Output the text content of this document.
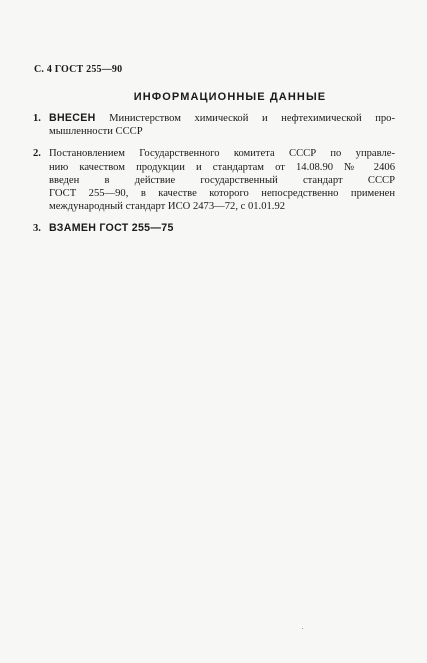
С. 4 ГОСТ 255—90
ИНФОРМАЦИОННЫЕ ДАННЫЕ
1. ВНЕСЕН Министерством химической и нефтехимической про-
мышленности СССР
2. Постановлением Государственного комитета СССР по управле-
нию качеством продукции и стандартам от 14.08.90 № 2406
введен в действие государственный стандарт СССР
ГОСТ 255—90, в качестве которого непосредственно применен
международный стандарт ИСО 2473—72, с 01.01.92
3. ВЗАМЕН ГОСТ 255—75
